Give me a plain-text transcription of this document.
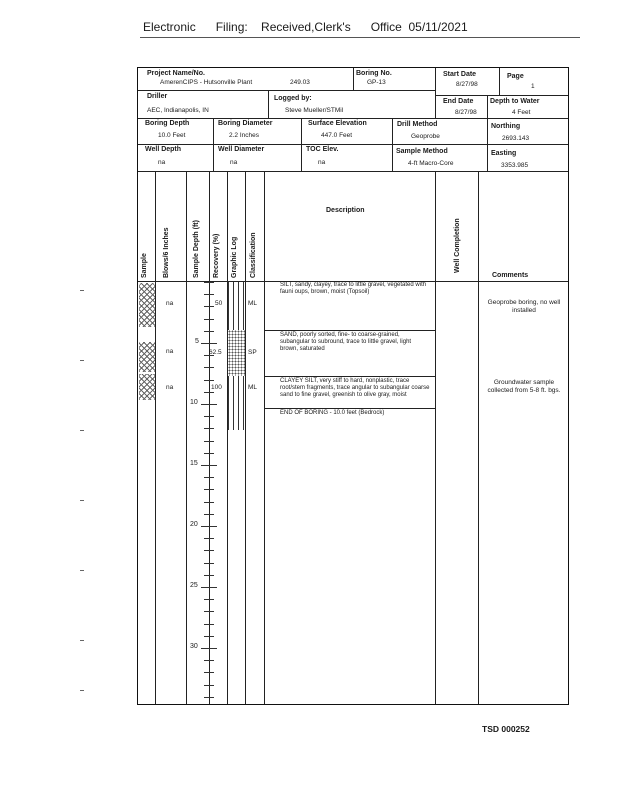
Electronic      Filing:    Received,Clerk's      Office  05/11/2021
Project Name/No.
AmerenCIPS - Hutsonville Plant	249.03
Boring No.
GP-13
Start Date
8/27/98
Page
1
Driller
AEC, Indianapolis, IN
Logged by:
Steve Mueller/STMil
End Date
8/27/98
Depth to Water
4 Feet
Boring Depth
10.0 Feet
Boring Diameter
2.2 Inches
Surface Elevation
447.0 Feet
Drill Method
Geoprobe
Northing
2693.143
Well Depth
na
Well Diameter
na
TOC Elev.
na
Sample Method
4-ft Macro-Core
Easting
3353.985
Sample Blows/6 Inches	Sample Depth (ft) Recovery (%) Graphic Log Classification
Description
Well Completion
Comments
na
na
na
50
62.5
100
ML
SP
ML
SILT, sandy, clayey, trace to little gravel, vegetated with fauni oups, brown, moist (Topsoil)
SAND, poorly sorted, fine- to coarse-grained, subangular to subround, trace to little gravel, light brown, saturated
CLAYEY SILT, very stiff to hard, nonplastic, trace root/stem fragments, trace angular to subangular coarse sand to fine gravel, greenish to olive gray, moist
END OF BORING - 10.0 feet (Bedrock)
Geoprobe boring, no well installed
Groundwater sample collected from 5-8 ft. bgs.
5
10
15
20
25
30
TSD 000252
